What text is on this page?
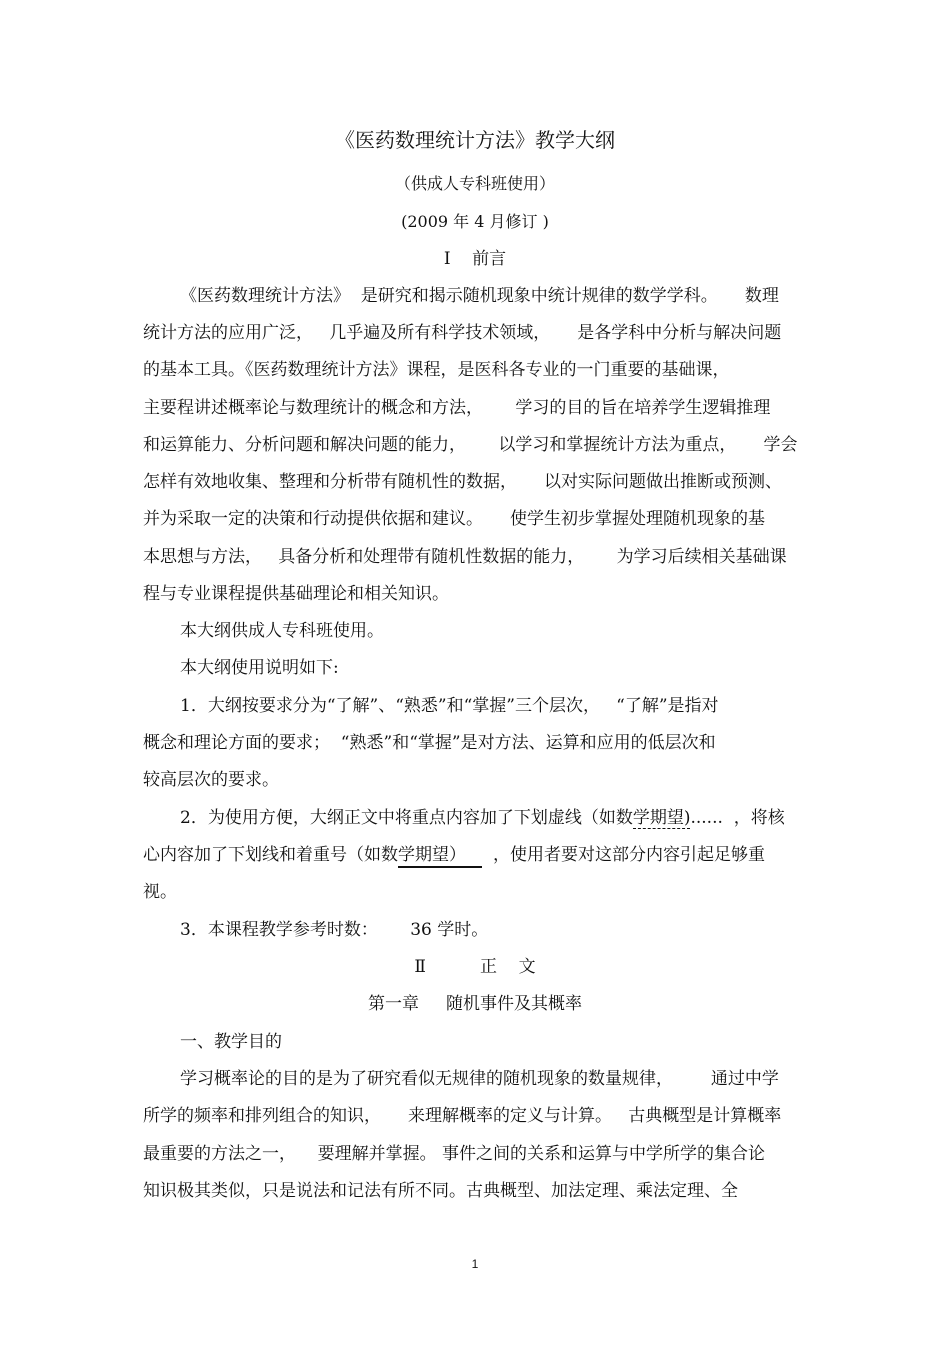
《医药数理统计方法》教学大纲
（供成人专科班使用）
(2009 年 4 月修订 )
Ⅰ    前言
《医药数理统计方法》  是研究和揭示随机现象中统计规律的数学学科。     数理
统计方法的应用广泛，   几乎遍及所有科学技术领域，     是各学科中分析与解决问题
的基本工具。《医药数理统计方法》课程，是医科各专业的一门重要的基础课，
主要程讲述概率论与数理统计的概念和方法，      学习的目的旨在培养学生逻辑推理
和运算能力、分析问题和解决问题的能力，      以学习和掌握统计方法为重点，     学会
怎样有效地收集、整理和分析带有随机性的数据，     以对实际问题做出推断或预测、
并为采取一定的决策和行动提供依据和建议。     使学生初步掌握处理随机现象的基
本思想与方法，   具备分析和处理带有随机性数据的能力，      为学习后续相关基础课
程与专业课程提供基础理论和相关知识。
本大纲供成人专科班使用。
本大纲使用说明如下:
1．大纲按要求分为“了解”、“熟悉”和“掌握”三个层次，   “了解”是指对
概念和理论方面的要求；  “熟悉”和“掌握”是对方法、运算和应用的低层次和
较高层次的要求。
2．为使用方便，大纲正文中将重点内容加了下划虚线（如数学期望)......  ，将核
心内容加了下划线和着重号（如数学期望）     ，使用者要对这部分内容引起足够重
视。
3．本课程教学参考时数：      36 学时。
Ⅱ          正    文
第一章     随机事件及其概率
一、教学目的
学习概率论的目的是为了研究看似无规律的随机现象的数量规律，       通过中学
所学的频率和排列组合的知识，     来理解概率的定义与计算。   古典概型是计算概率
最重要的方法之一，    要理解并掌握。 事件之间的关系和运算与中学所学的集合论
知识极其类似，只是说法和记法有所不同。古典概型、加法定理、乘法定理、全
1
